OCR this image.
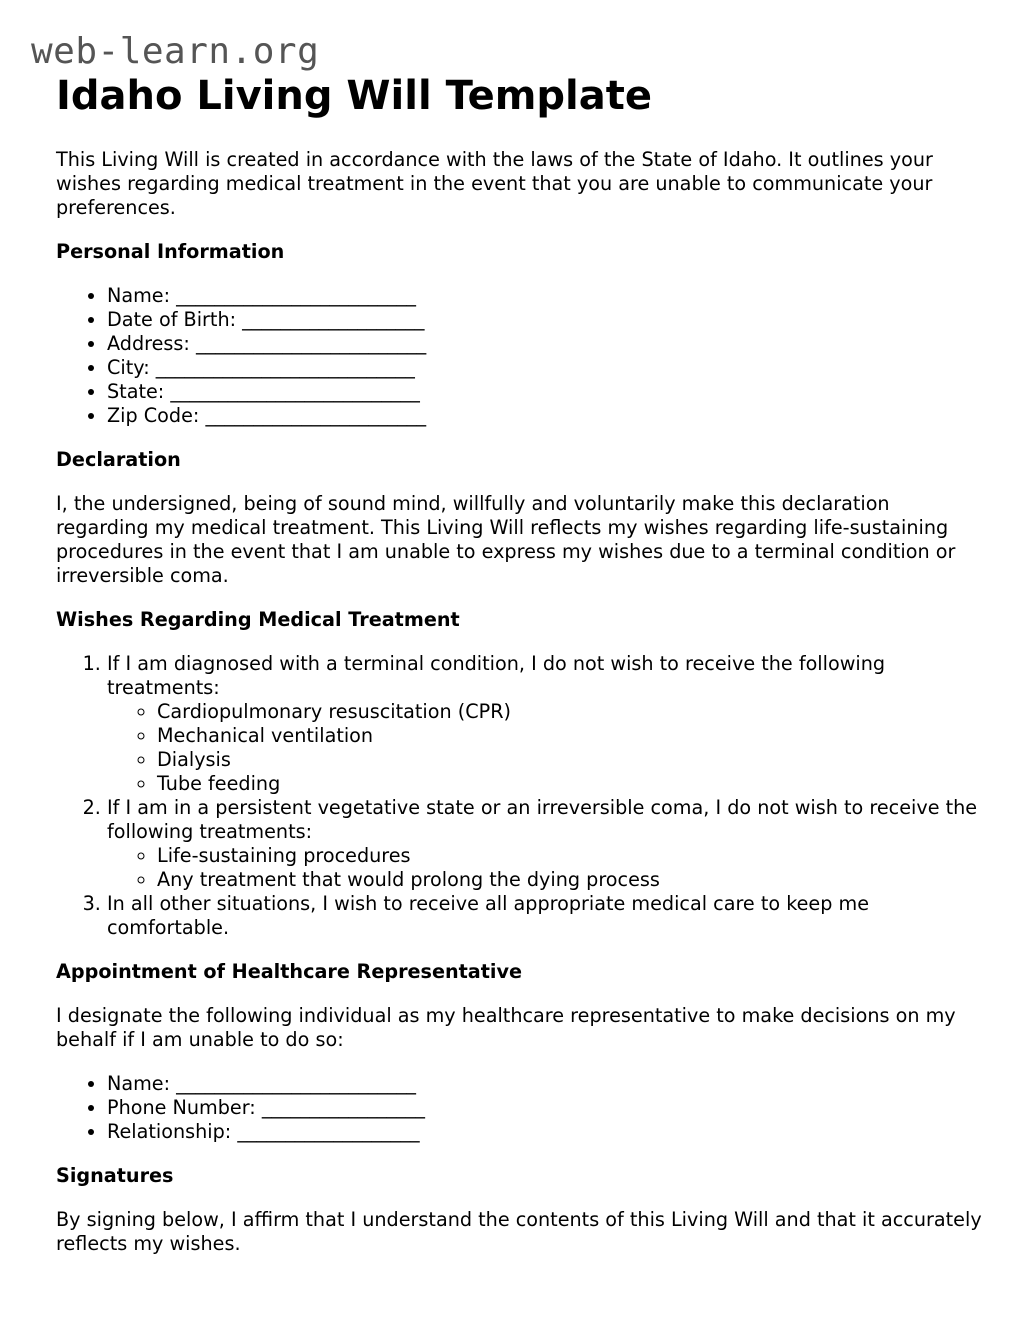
web-learn.org
Idaho Living Will Template

This Living Will is created in accordance with the laws of the State of Idaho. It outlines your wishes regarding medical treatment in the event that you are unable to communicate your preferences.

Personal Information
• Name: _________________________
• Date of Birth: ___________________
• Address: ________________________
• City: ___________________________
• State: __________________________
• Zip Code: _______________________
Declaration

I, the undersigned, being of sound mind, willfully and voluntarily make this declaration regarding my medical treatment. This Living Will reflects my wishes regarding life-sustaining procedures in the event that I am unable to express my wishes due to a terminal condition or irreversible coma.

Wishes Regarding Medical Treatment
1. If I am diagnosed with a terminal condition, I do not wish to receive the following treatments:
◦ Cardiopulmonary resuscitation (CPR)
◦ Mechanical ventilation
◦ Dialysis
◦ Tube feeding
2. If I am in a persistent vegetative state or an irreversible coma, I do not wish to receive the following treatments:
◦ Life-sustaining procedures
◦ Any treatment that would prolong the dying process
3. In all other situations, I wish to receive all appropriate medical care to keep me comfortable.
Appointment of Healthcare Representative

I designate the following individual as my healthcare representative to make decisions on my behalf if I am unable to do so:

• Name: _________________________
• Phone Number: _________________
• Relationship: ___________________
Signatures

By signing below, I affirm that I understand the contents of this Living Will and that it accurately reflects my wishes.
